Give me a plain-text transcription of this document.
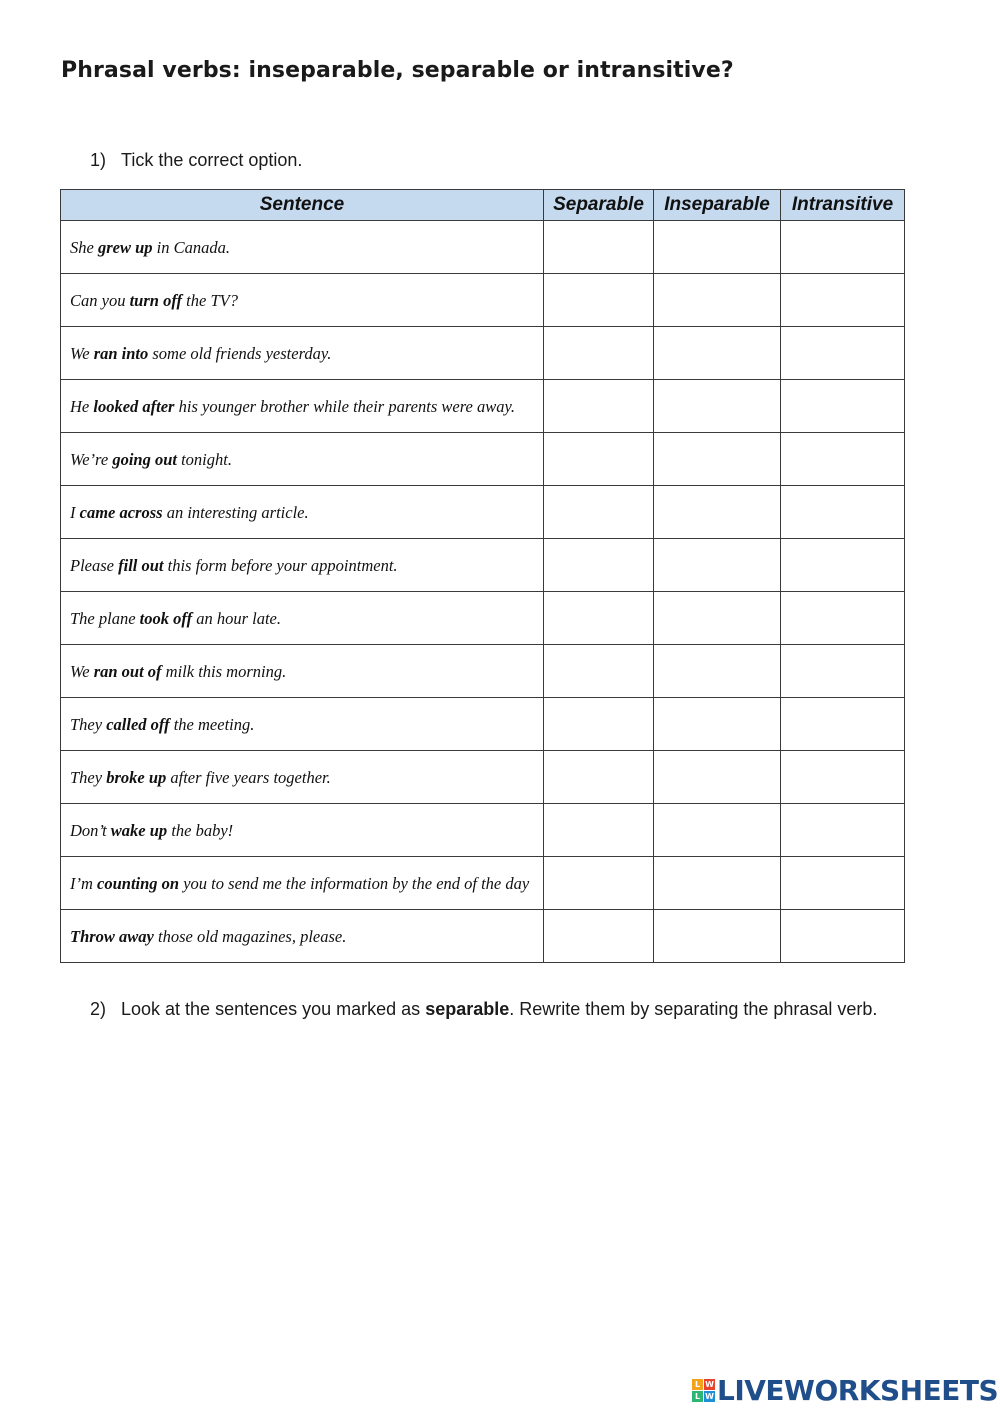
Phrasal verbs: inseparable, separable or intransitive?
1) Tick the correct option.
Sentence	Separable	Inseparable	Intransitive
She grew up in Canada.			
Can you turn off the TV?			
We ran into some old friends yesterday.			
He looked after his younger brother while their parents were away.			
We’re going out tonight.			
I came across an interesting article.			
Please fill out this form before your appointment.			
The plane took off an hour late.			
We ran out of milk this morning.			
They called off the meeting.			
They broke up after five years together.			
Don’t wake up the baby!			
I’m counting on you to send me the information by the end of the day			
Throw away those old magazines, please.			
2) Look at the sentences you marked as separable. Rewrite them by separating the phrasal verb.
L W
L W LIVEWORKSHEETS
